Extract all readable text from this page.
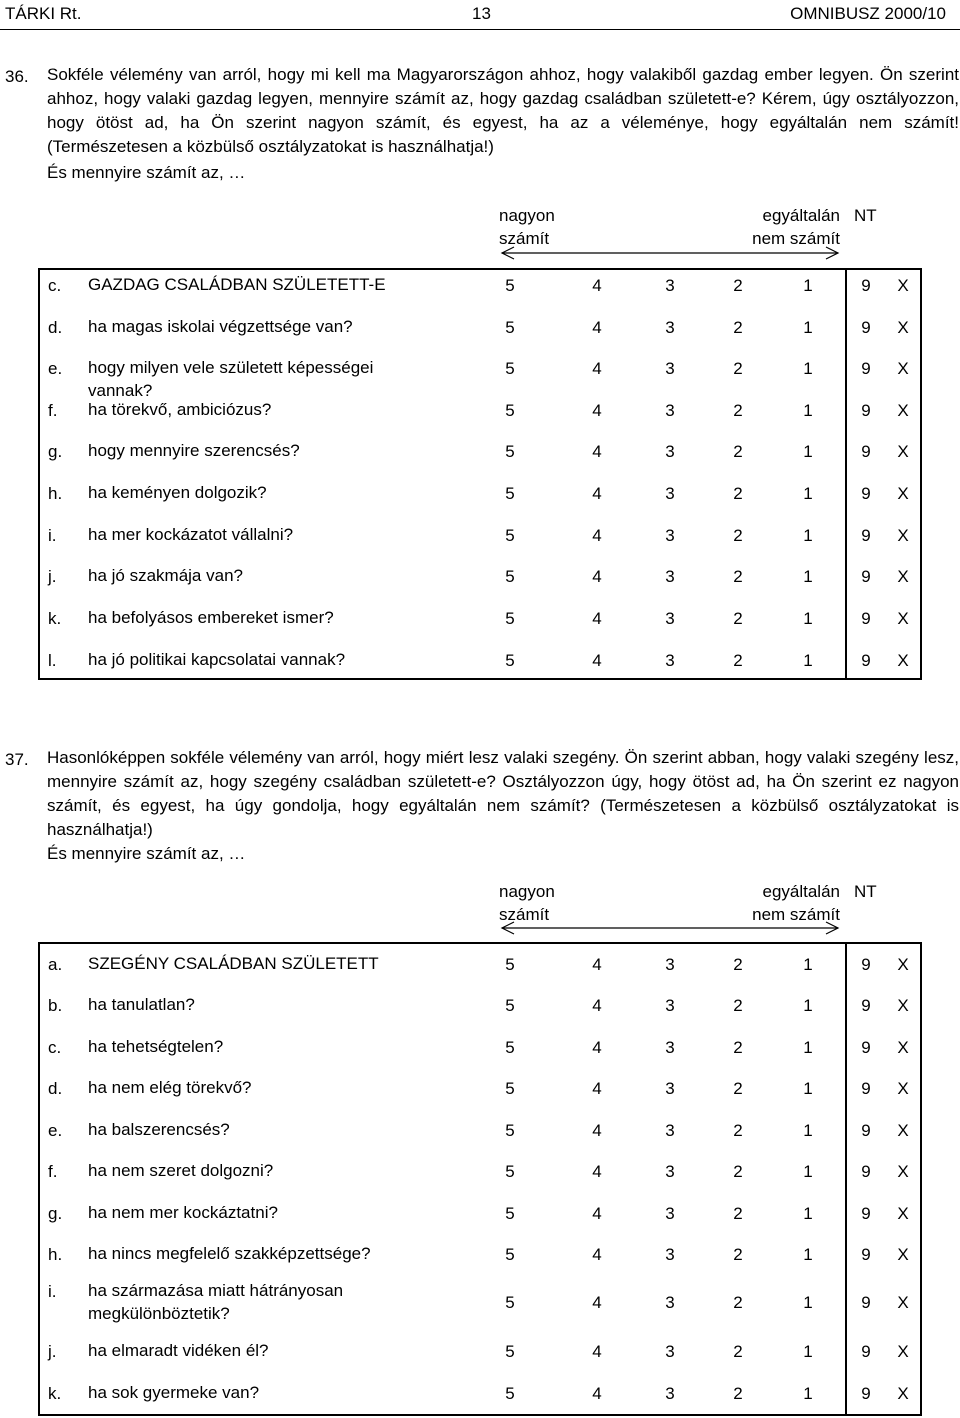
TÁRKI Rt.	13	OMNIBUSZ 2000/10
36. Sokféle vélemény van arról, hogy mi kell ma Magyarországon ahhoz, hogy valakiből gazdag ember legyen. Ön szerint ahhoz, hogy valaki gazdag legyen, mennyire számít az, hogy gazdag családban született-e? Kérem, úgy osztályozzon, hogy ötöst ad, ha Ön szerint nagyon számít, és egyest, ha az a véleménye, hogy egyáltalán nem számít! (Természetesen a közbülső osztályzatokat is használhatja!)
És mennyire számít az, …
nagyon
számít
egyáltalán
nem számít
NT
c. GAZDAG CSALÁDBAN SZÜLETETT-E	5	4	3	2	1	9	X
d. ha magas iskolai végzettsége van?	5	4	3	2	1	9	X
e. hogy milyen vele született képességei vannak?
5	4	3	2	1	9	X
f. ha törekvő, ambiciózus?	5	4	3	2	1	9	X
g. hogy mennyire szerencsés?	5	4	3	2	1	9	X
h. ha keményen dolgozik?	5	4	3	2	1	9	X
i. ha mer kockázatot vállalni?	5	4	3	2	1	9	X
j. ha jó szakmája van?	5	4	3	2	1	9	X
k. ha befolyásos embereket ismer?	5	4	3	2	1	9	X
l. ha jó politikai kapcsolatai vannak?	5	4	3	2	1	9	X
37. Hasonlóképpen sokféle vélemény van arról, hogy miért lesz valaki szegény. Ön szerint abban, hogy valaki szegény lesz, mennyire számít az, hogy szegény családban született-e? Osztályozzon úgy, hogy ötöst ad, ha Ön szerint ez nagyon számít, és egyest, ha úgy gondolja, hogy egyáltalán nem számít? (Természetesen a közbülső osztályzatokat is használhatja!)
És mennyire számít az, …
nagyon
számít
egyáltalán
nem számít
NT
a. SZEGÉNY CSALÁDBAN SZÜLETETT	5	4	3	2	1	9	X
b. ha tanulatlan?	5	4	3	2	1	9	X
c. ha tehetségtelen?	5	4	3	2	1	9	X
d. ha nem elég törekvő?	5	4	3	2	1	9	X
e. ha balszerencsés?	5	4	3	2	1	9	X
f. ha nem szeret dolgozni?	5	4	3	2	1	9	X
g. ha nem mer kockáztatni?	5	4	3	2	1	9	X
h. ha nincs megfelelő szakképzettsége?	5	4	3	2	1	9	X
i. ha származása miatt hátrányosan megkülönböztetik?
5	4	3	2	1	9	X
j. ha elmaradt vidéken él?	5	4	3	2	1	9	X
k. ha sok gyermeke van?	5	4	3	2	1	9	X
